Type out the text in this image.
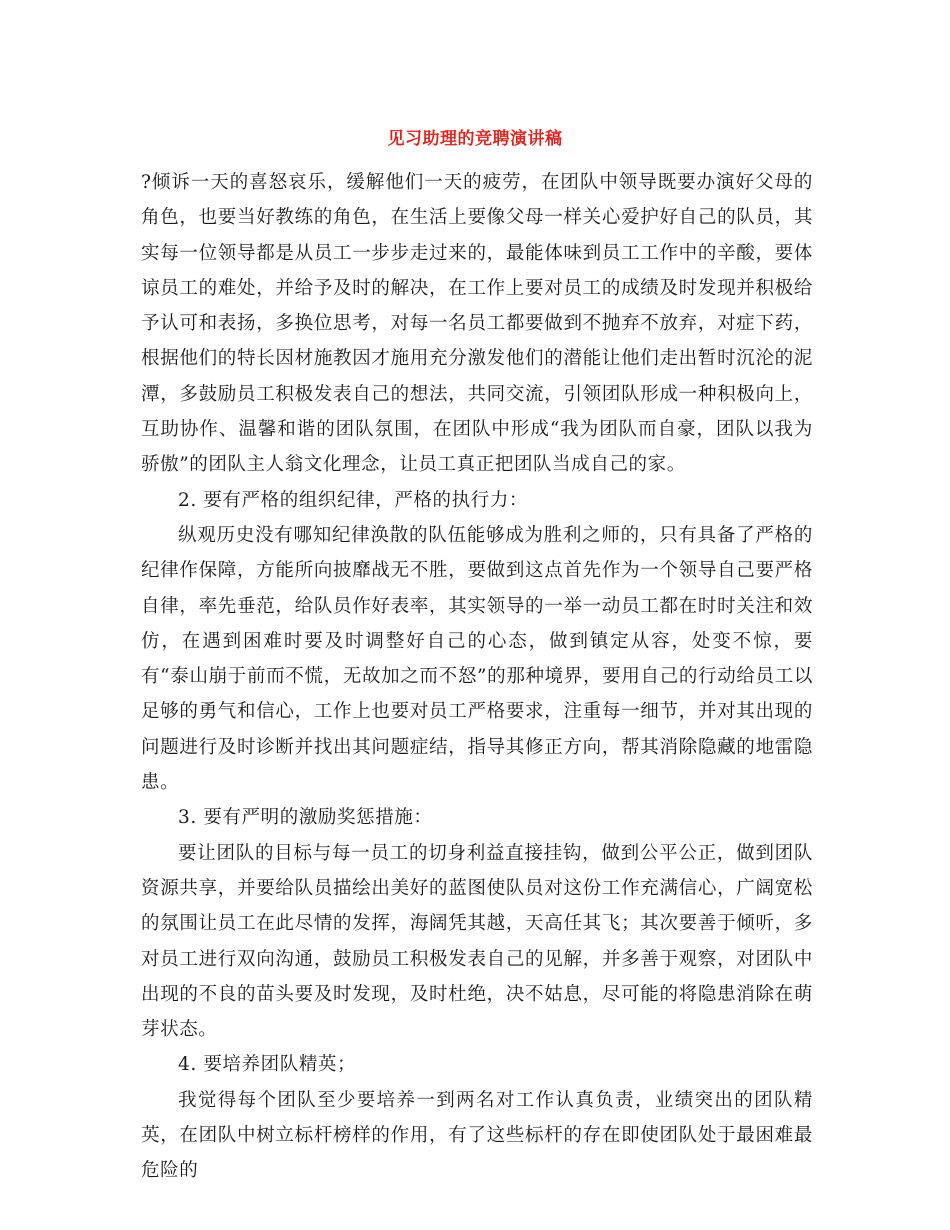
见习助理的竞聘演讲稿

?倾诉一天的喜怒哀乐，缓解他们一天的疲劳，在团队中领导既要办演好父母的角色，也要当好教练的角色，在生活上要像父母一样关心爱护好自己的队员，其实每一位领导都是从员工一步步走过来的，最能体味到员工工作中的辛酸，要体谅员工的难处，并给予及时的解决，在工作上要对员工的成绩及时发现并积极给予认可和表扬，多换位思考，对每一名员工都要做到不抛弃不放弃，对症下药，根据他们的特长因材施教因才施用充分激发他们的潜能让他们走出暂时沉沦的泥潭，多鼓励员工积极发表自己的想法，共同交流，引领团队形成一种积极向上，互助协作、温馨和谐的团队氛围，在团队中形成“我为团队而自豪，团队以我为骄傲”的团队主人翁文化理念，让员工真正把团队当成自己的家。

2. 要有严格的组织纪律，严格的执行力：

纵观历史没有哪知纪律涣散的队伍能够成为胜利之师的，只有具备了严格的纪律作保障，方能所向披靡战无不胜，要做到这点首先作为一个领导自己要严格自律，率先垂范，给队员作好表率，其实领导的一举一动员工都在时时关注和效仿，在遇到困难时要及时调整好自己的心态，做到镇定从容，处变不惊，要有“泰山崩于前而不慌，无故加之而不怒”的那种境界，要用自己的行动给员工以足够的勇气和信心，工作上也要对员工严格要求，注重每一细节，并对其出现的问题进行及时诊断并找出其问题症结，指导其修正方向，帮其消除隐藏的地雷隐患。

3. 要有严明的激励奖惩措施：

要让团队的目标与每一员工的切身利益直接挂钩，做到公平公正，做到团队资源共享，并要给队员描绘出美好的蓝图使队员对这份工作充满信心，广阔宽松的氛围让员工在此尽情的发挥，海阔凭其越，天高任其飞；其次要善于倾听，多对员工进行双向沟通，鼓励员工积极发表自己的见解，并多善于观察，对团队中出现的不良的苗头要及时发现，及时杜绝，决不姑息，尽可能的将隐患消除在萌芽状态。

4. 要培养团队精英；

我觉得每个团队至少要培养一到两名对工作认真负责，业绩突出的团队精英，在团队中树立标杆榜样的作用，有了这些标杆的存在即使团队处于最困难最危险的
